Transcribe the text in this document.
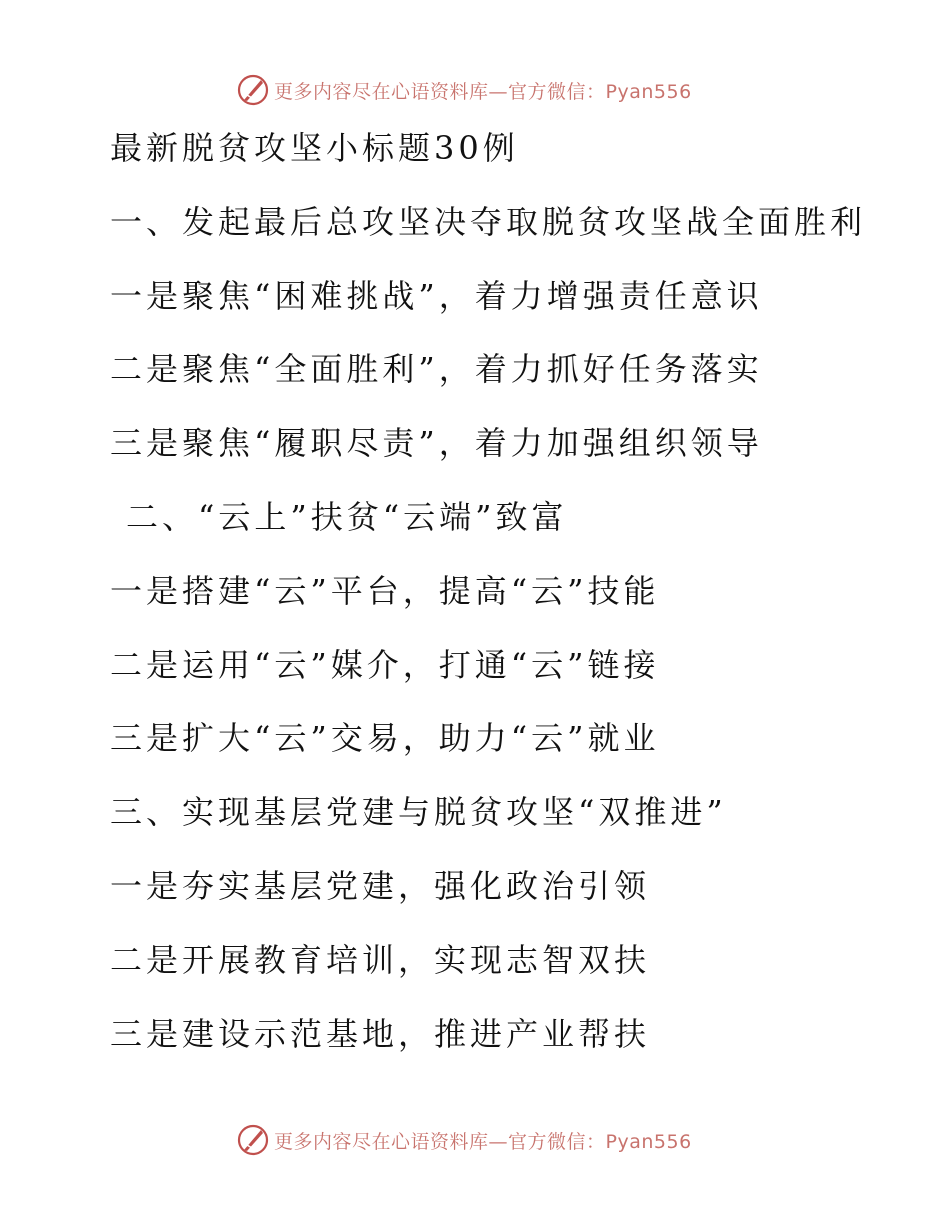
更多内容尽在心语资料库—官方微信：Pyan556
最新脱贫攻坚小标题30例
一、发起最后总攻坚决夺取脱贫攻坚战全面胜利
一是聚焦“困难挑战”，着力增强责任意识
二是聚焦“全面胜利”，着力抓好任务落实
三是聚焦“履职尽责”，着力加强组织领导
二、“云上”扶贫“云端”致富
一是搭建“云”平台，提高“云”技能
二是运用“云”媒介，打通“云”链接
三是扩大“云”交易，助力“云”就业
三、实现基层党建与脱贫攻坚“双推进”
一是夯实基层党建，强化政治引领
二是开展教育培训，实现志智双扶
三是建设示范基地，推进产业帮扶
更多内容尽在心语资料库—官方微信：Pyan556
